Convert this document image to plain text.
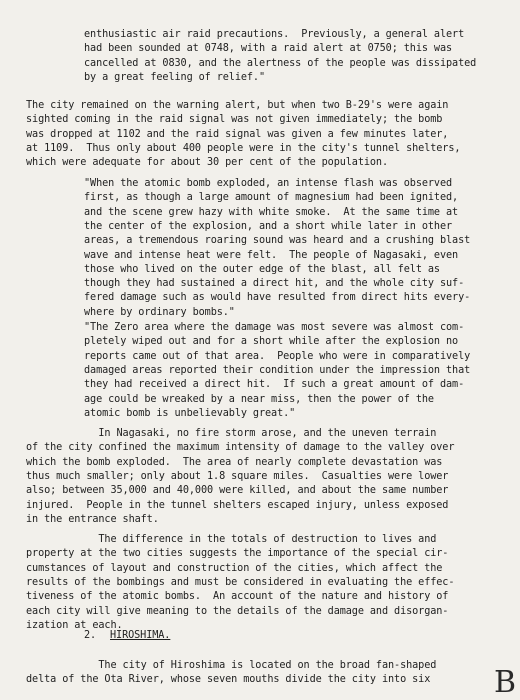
2. HIROSHIMA.
B
enthusiastic air raid precautions.  Previously, a general alert
had been sounded at 0748, with a raid alert at 0750; this was
cancelled at 0830, and the alertness of the people was dissipated
by a great feeling of relief."
The city remained on the warning alert, but when two B-29's were again
sighted coming in the raid signal was not given immediately; the bomb
was dropped at 1102 and the raid signal was given a few minutes later,
at 1109.  Thus only about 400 people were in the city's tunnel shelters,
which were adequate for about 30 per cent of the population.
"When the atomic bomb exploded, an intense flash was observed
first, as though a large amount of magnesium had been ignited,
and the scene grew hazy with white smoke.  At the same time at
the center of the explosion, and a short while later in other
areas, a tremendous roaring sound was heard and a crushing blast
wave and intense heat were felt.  The people of Nagasaki, even
those who lived on the outer edge of the blast, all felt as
though they had sustained a direct hit, and the whole city suf-
fered damage such as would have resulted from direct hits every-
where by ordinary bombs."
"The Zero area where the damage was most severe was almost com-
pletely wiped out and for a short while after the explosion no
reports came out of that area.  People who were in comparatively
damaged areas reported their condition under the impression that
they had received a direct hit.  If such a great amount of dam-
age could be wreaked by a near miss, then the power of the
atomic bomb is unbelievably great."
In Nagasaki, no fire storm arose, and the uneven terrain
of the city confined the maximum intensity of damage to the valley over
which the bomb exploded.  The area of nearly complete devastation was
thus much smaller; only about 1.8 square miles.  Casualties were lower
also; between 35,000 and 40,000 were killed, and about the same number
injured.  People in the tunnel shelters escaped injury, unless exposed
in the entrance shaft.
The difference in the totals of destruction to lives and
property at the two cities suggests the importance of the special cir-
cumstances of layout and construction of the cities, which affect the
results of the bombings and must be considered in evaluating the effec-
tiveness of the atomic bombs.  An account of the nature and history of
each city will give meaning to the details of the damage and disorgan-
ization at each.
The city of Hiroshima is located on the broad fan-shaped
delta of the Ota River, whose seven mouths divide the city into six
